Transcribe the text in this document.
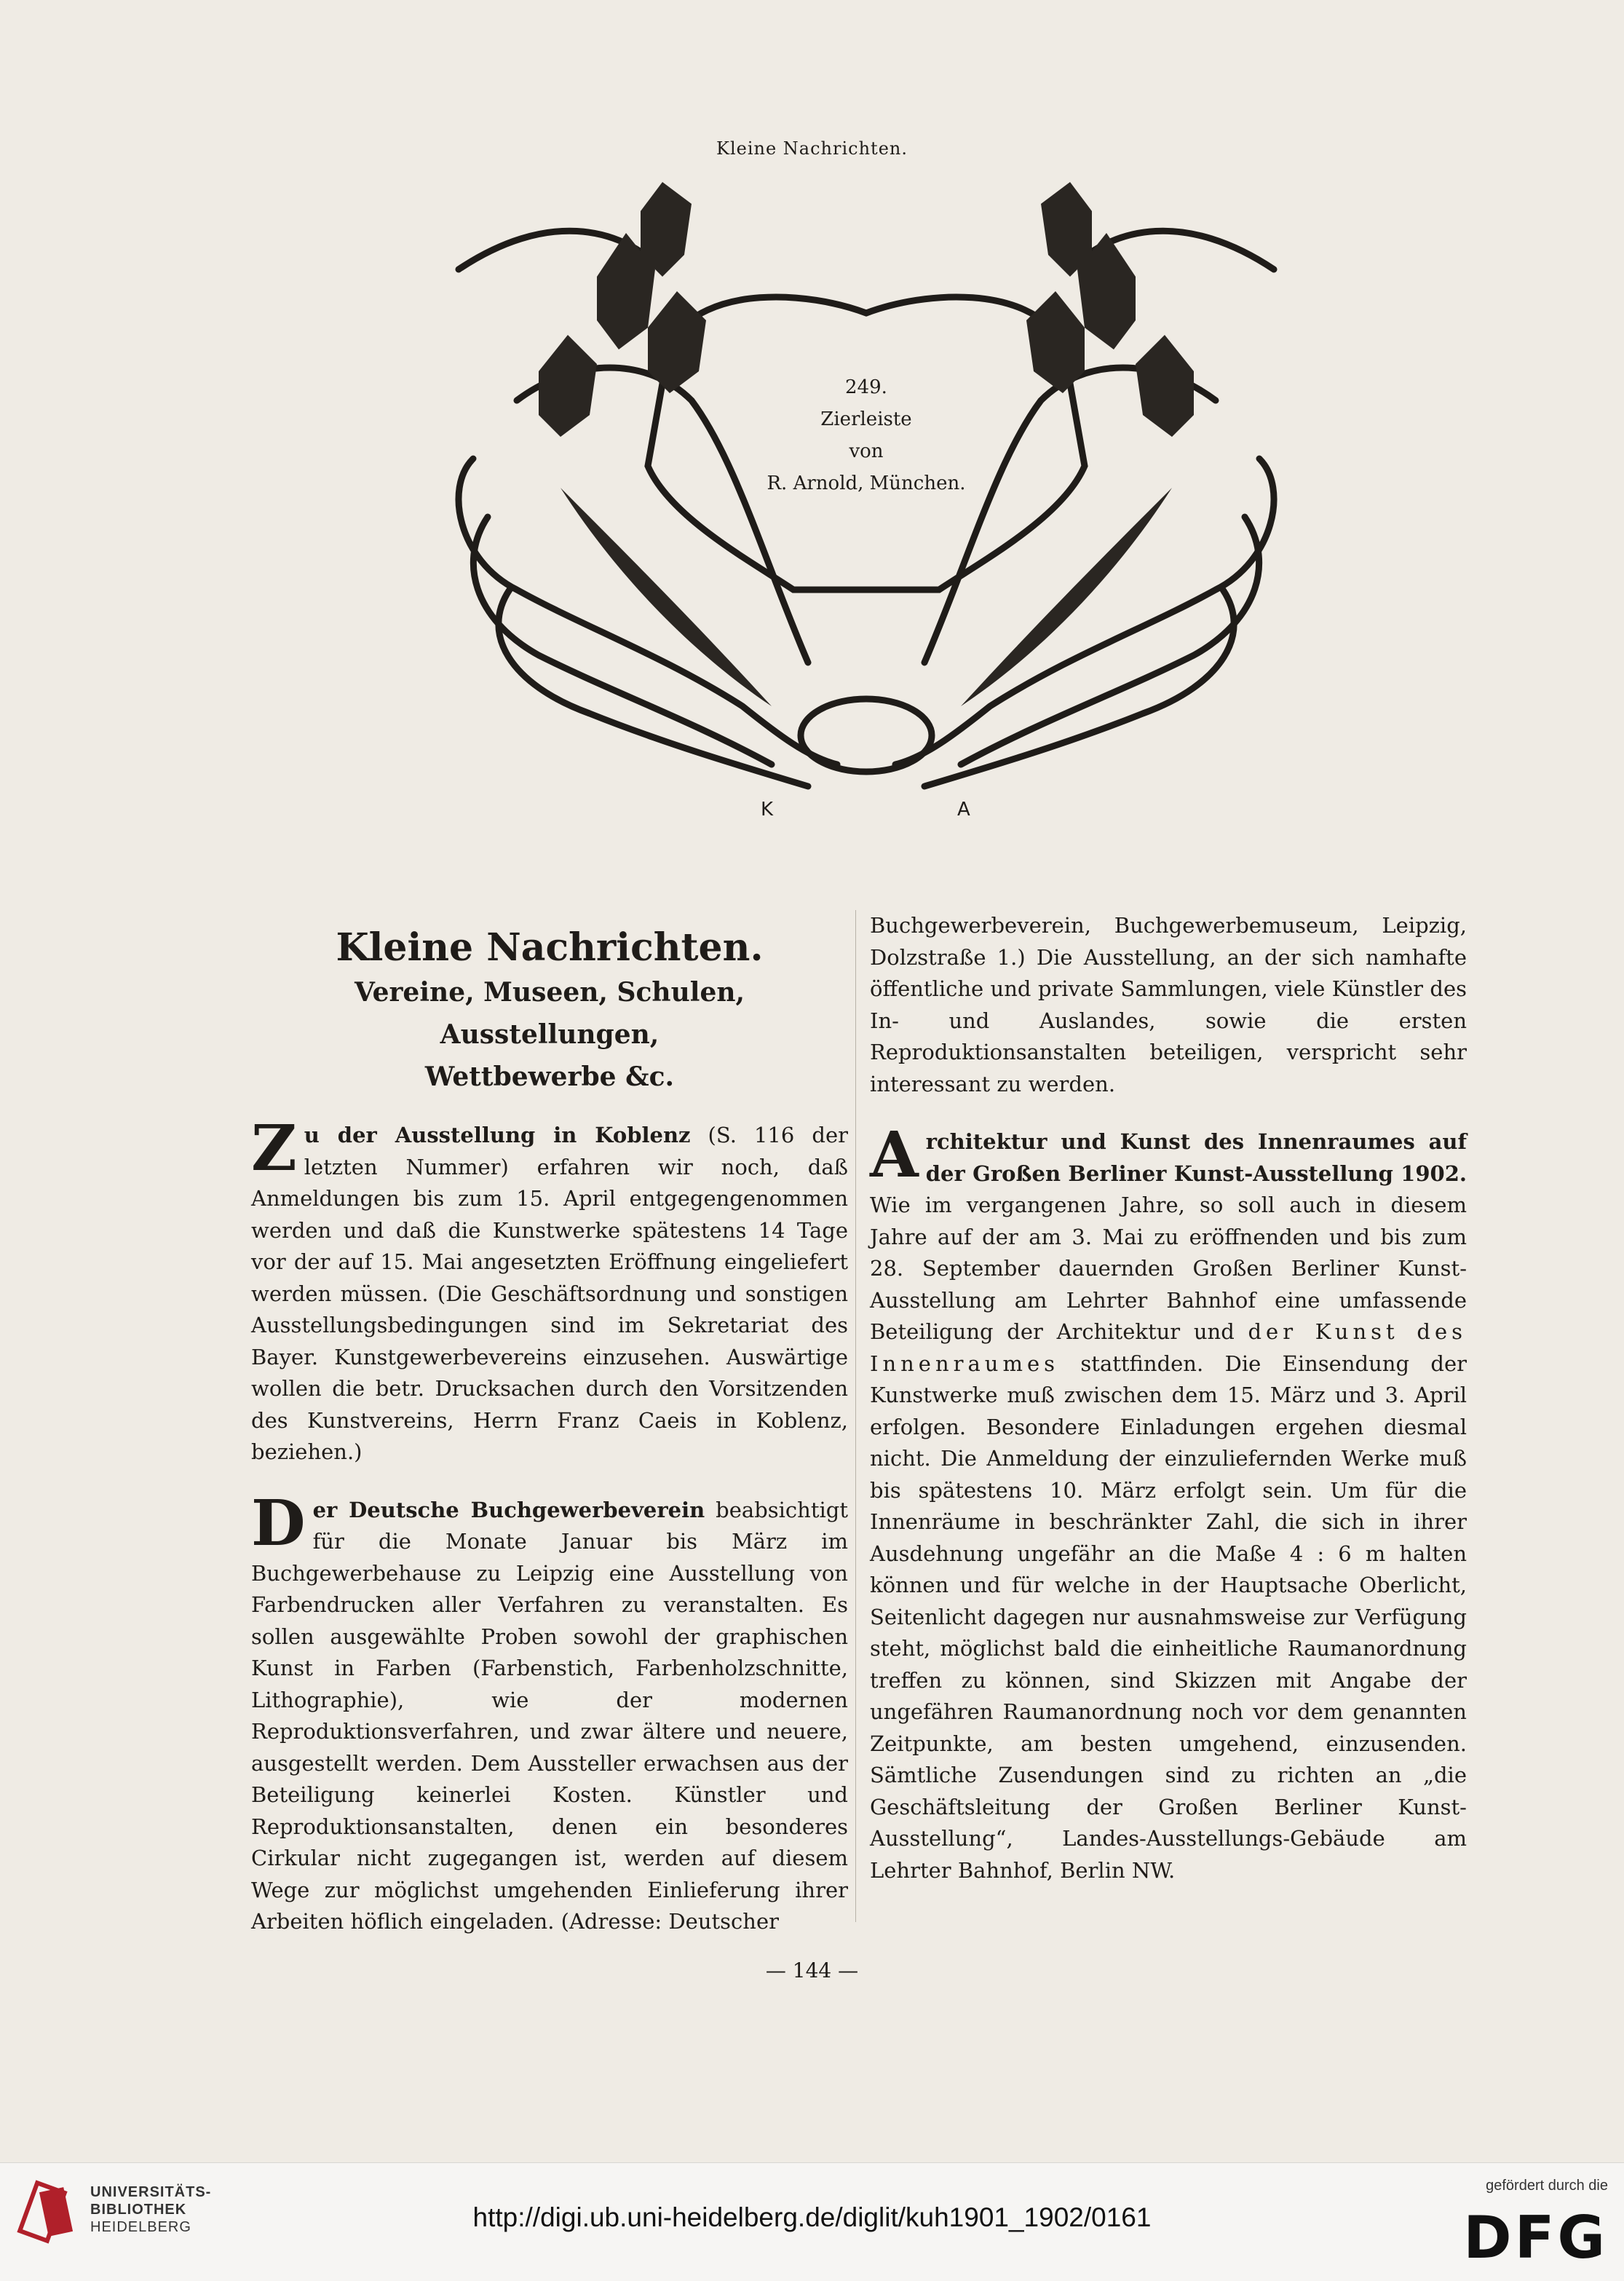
Kleine Nachrichten.
K	A
249.
Zierleiste
von
R. Arnold, München.
Kleine Nachrichten.
Vereine, Museen, Schulen, Ausstellungen,
Wettbewerbe &c.

Zu der Ausstellung in Koblenz (S. 116 der letzten Nummer) erfahren wir noch, daß Anmeldungen bis zum 15. April entgegengenommen werden und daß die Kunstwerke spätestens 14 Tage vor der auf 15. Mai angesetzten Eröffnung eingeliefert werden müssen. (Die Geschäftsordnung und sonstigen Ausstellungsbedingungen sind im Sekretariat des Bayer. Kunstgewerbevereins einzusehen. Auswärtige wollen die betr. Drucksachen durch den Vorsitzenden des Kunstvereins, Herrn Franz Caeis in Koblenz, beziehen.)

Der Deutsche Buchgewerbeverein beabsichtigt für die Monate Januar bis März im Buchgewerbehause zu Leipzig eine Ausstellung von Farbendrucken aller Verfahren zu veranstalten. Es sollen ausgewählte Proben sowohl der graphischen Kunst in Farben (Farbenstich, Farbenholzschnitte, Lithographie), wie der modernen Reproduktionsverfahren, und zwar ältere und neuere, ausgestellt werden. Dem Aussteller erwachsen aus der Beteiligung keinerlei Kosten. Künstler und Reproduktionsanstalten, denen ein besonderes Cirkular nicht zugegangen ist, werden auf diesem Wege zur möglichst umgehenden Einlieferung ihrer Arbeiten höflich eingeladen. (Adresse: Deutscher

Buchgewerbeverein, Buchgewerbemuseum, Leipzig, Dolzstraße 1.) Die Ausstellung, an der sich namhafte öffentliche und private Sammlungen, viele Künstler des In- und Auslandes, sowie die ersten Reproduktionsanstalten beteiligen, verspricht sehr interessant zu werden.

Architektur und Kunst des Innenraumes auf der Großen Berliner Kunst-Ausstellung 1902. Wie im vergangenen Jahre, so soll auch in diesem Jahre auf der am 3. Mai zu eröffnenden und bis zum 28. September dauernden Großen Berliner Kunst-Ausstellung am Lehrter Bahnhof eine umfassende Beteiligung der Architektur und der Kunst des Innenraumes stattfinden. Die Einsendung der Kunstwerke muß zwischen dem 15. März und 3. April erfolgen. Besondere Einladungen ergehen diesmal nicht. Die Anmeldung der einzuliefernden Werke muß bis spätestens 10. März erfolgt sein. Um für die Innenräume in beschränkter Zahl, die sich in ihrer Ausdehnung ungefähr an die Maße 4 : 6 m halten können und für welche in der Hauptsache Oberlicht, Seitenlicht dagegen nur ausnahmsweise zur Verfügung steht, möglichst bald die einheitliche Raumanordnung treffen zu können, sind Skizzen mit Angabe der ungefähren Raumanordnung noch vor dem genannten Zeitpunkte, am besten umgehend, einzusenden. Sämtliche Zusendungen sind zu richten an „die Geschäftsleitung der Großen Berliner Kunst-Ausstellung“, Landes-Ausstellungs-Gebäude am Lehrter Bahnhof, Berlin NW.

— 144 —
UNIVERSITÄTS-
BIBLIOTHEK
HEIDELBERG	http://digi.ub.uni-heidelberg.de/diglit/kuh1901_1902/0161
gefördert durch die
DFG
